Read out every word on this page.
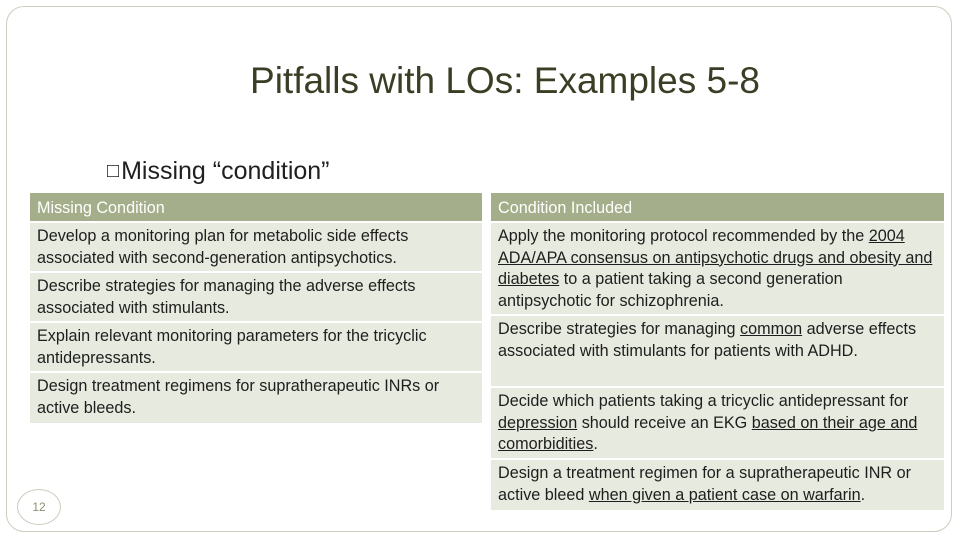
Pitfalls with LOs: Examples 5-8
□Missing “condition”
Missing Condition
Develop a monitoring plan for metabolic side effects associated with second-generation antipsychotics.
Describe strategies for managing the adverse effects associated with stimulants.
Explain relevant monitoring parameters for the tricyclic antidepressants.
Design treatment regimens for supratherapeutic INRs or active bleeds.
Condition Included
Apply the monitoring protocol recommended by the 2004 ADA/APA consensus on antipsychotic drugs and obesity and diabetes to a patient taking a second generation antipsychotic for schizophrenia.
Describe strategies for managing common adverse effects associated with stimulants for patients with ADHD.
Decide which patients taking a tricyclic antidepressant for depression should receive an EKG based on their age and comorbidities.
Design a treatment regimen for a supratherapeutic INR or active bleed when given a patient case on warfarin.
12
